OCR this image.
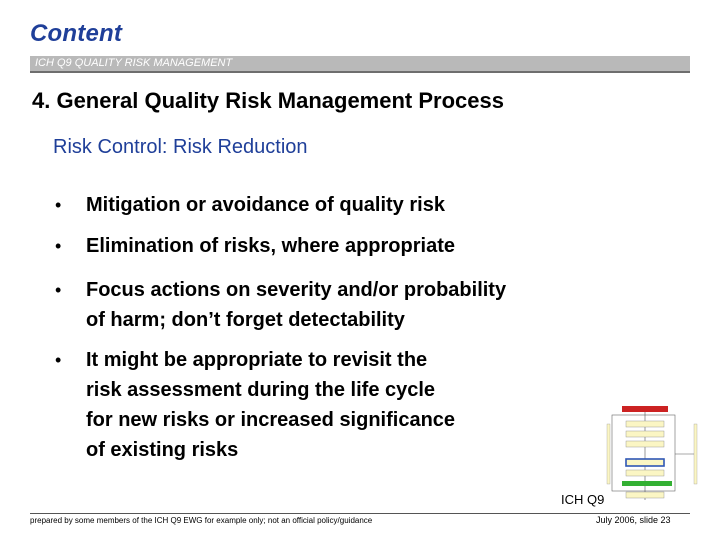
Content
ICH Q9 QUALITY RISK MANAGEMENT
4. General Quality Risk Management Process
Risk Control: Risk Reduction
• Mitigation or avoidance of quality risk
• Elimination of risks, where appropriate
• Focus actions on severity and/or probability
of harm; don’t forget detectability
• It might be appropriate to revisit the
risk assessment during the life cycle
for new risks or increased significance
of existing risks
ICH Q9
prepared by some members of the ICH Q9 EWG for example only; not an official policy/guidance	July 2006, slide 23
